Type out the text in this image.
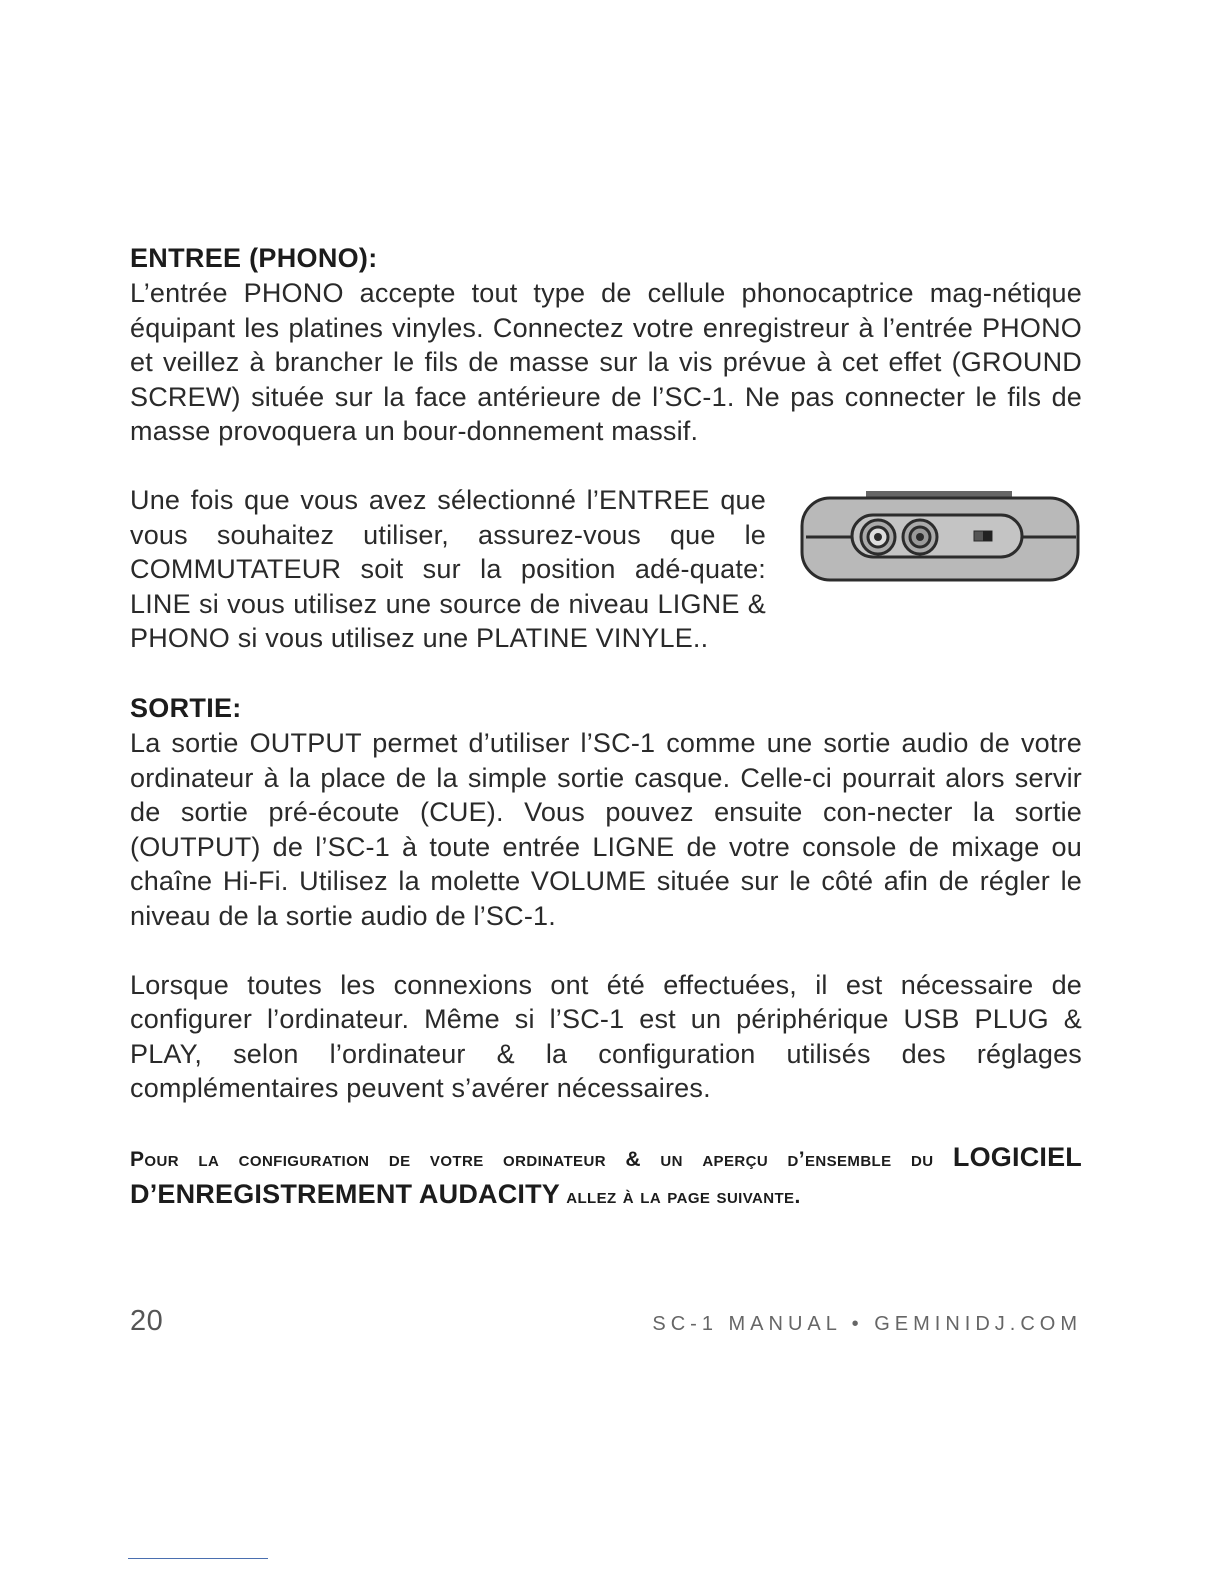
ENTREE (PHONO):

L’entrée PHONO accepte tout type de cellule phonocaptrice mag-nétique équipant les platines vinyles. Connectez votre enregistreur à l’entrée PHONO et veillez à brancher le fils de masse sur la vis prévue à cet effet (GROUND SCREW) située sur la face antérieure de l’SC-1. Ne pas connecter le fils de masse provoquera un bour-donnement massif.

Une fois que vous avez sélectionné l’ENTREE que vous souhaitez utiliser, assurez-vous que le COMMUTATEUR soit sur la position adé-quate: LINE si vous utilisez une source de niveau LIGNE & PHONO si vous utilisez une PLATINE VINYLE..

SORTIE:

La sortie OUTPUT permet d’utiliser l’SC-1 comme une sortie audio de votre ordinateur à la place de la simple sortie casque. Celle-ci pourrait alors servir de sortie pré-écoute (CUE). Vous pouvez ensuite con-necter la sortie (OUTPUT) de l’SC-1 à toute entrée LIGNE de votre console de mixage ou chaîne Hi-Fi. Utilisez la molette VOLUME située sur le côté afin de régler le niveau de la sortie audio de l’SC-1.

Lorsque toutes les connexions ont été effectuées, il est nécessaire de configurer l’ordinateur. Même si l’SC-1 est un périphérique USB PLUG & PLAY, selon l’ordinateur & la configuration utilisés des réglages complémentaires peuvent s’avérer nécessaires.

Pour la configuration de votre ordinateur & un aperçu d’ensemble du LOGICIEL D’ENREGISTREMENT AUDACITY allez à la page suivante.

20	SC-1 MANUAL • GEMINIDJ.COM
